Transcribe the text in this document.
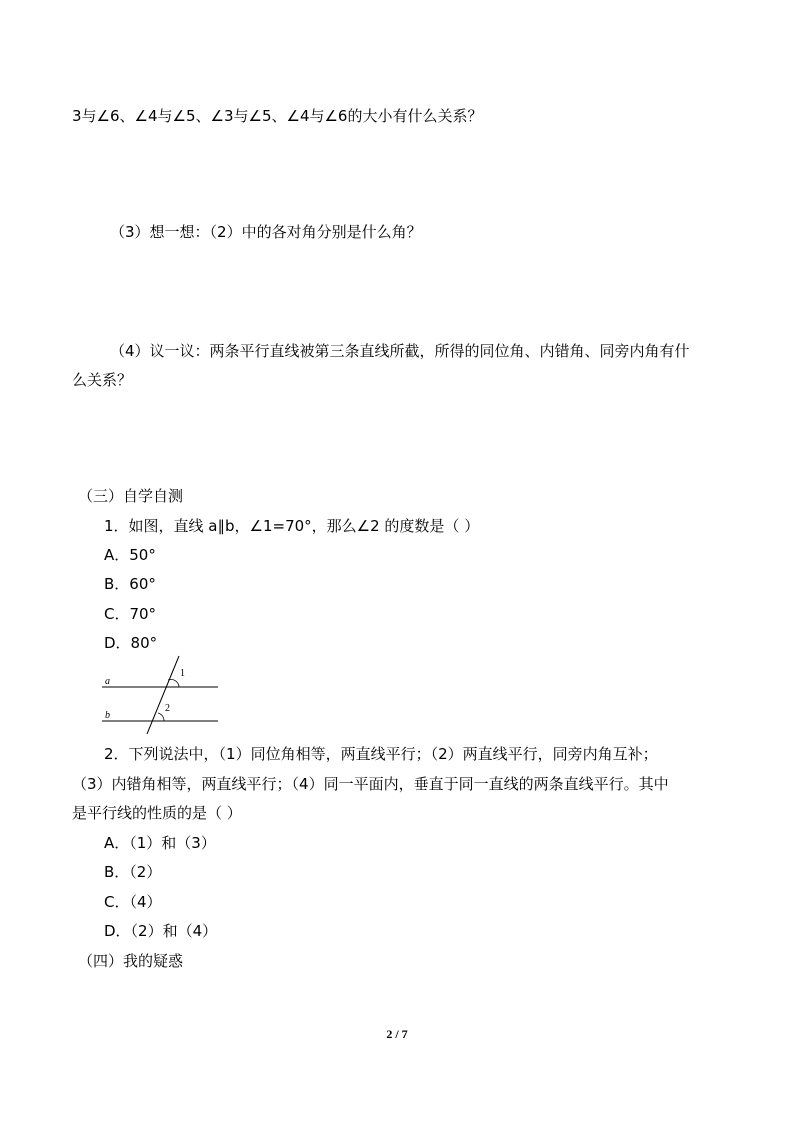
3与∠6、∠4与∠5、∠3与∠5、∠4与∠6的大小有什么关系？
（3）想一想：（2）中的各对角分别是什么角？
（4）议一议：两条平行直线被第三条直线所截，所得的同位角、内错角、同旁内角有什
么关系？
（三）自学自测
1．如图，直线 a∥b，∠1=70°，那么∠2 的度数是（ ）
A．50°
B．60°
C．70°
D．80°
a
b
1
2
2．下列说法中，（1）同位角相等，两直线平行；（2）两直线平行，同旁内角互补；
（3）内错角相等，两直线平行；（4）同一平面内，垂直于同一直线的两条直线平行。其中
是平行线的性质的是（ ）
A．（1）和（3）
B．（2）
C．（4）
D．（2）和（4）
（四）我的疑惑
2 / 7
